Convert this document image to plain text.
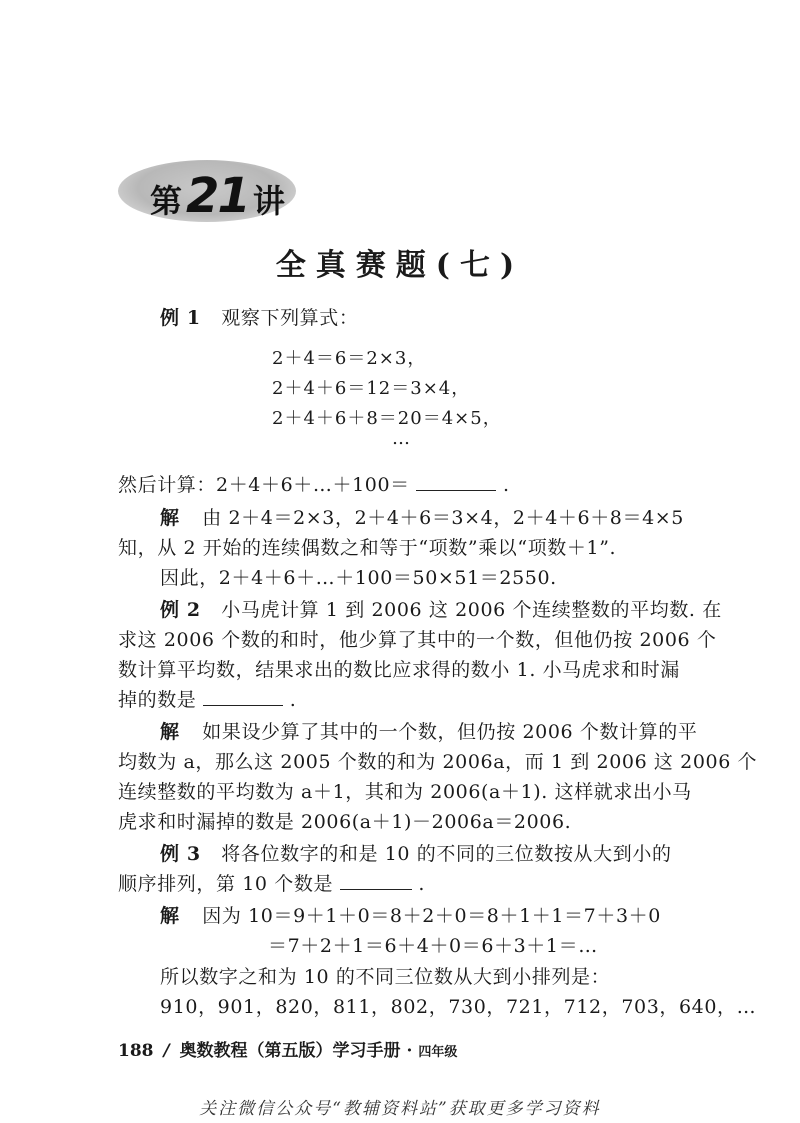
第 21 讲
全真赛题(七)
例 1 观察下列算式：
2＋4＝6＝2×3，
2＋4＋6＝12＝3×4，
2＋4＋6＋8＝20＝4×5，
…
然后计算：2＋4＋6＋…＋100＝	.
解 由 2＋4＝2×3，2＋4＋6＝3×4，2＋4＋6＋8＝4×5
知，从 2 开始的连续偶数之和等于“项数”乘以“项数＋1”.
因此，2＋4＋6＋…＋100＝50×51＝2550.
例 2 小马虎计算 1 到 2006 这 2006 个连续整数的平均数. 在
求这 2006 个数的和时，他少算了其中的一个数，但他仍按 2006 个
数计算平均数，结果求出的数比应求得的数小 1. 小马虎求和时漏
掉的数是	.
解 如果设少算了其中的一个数，但仍按 2006 个数计算的平
均数为 a，那么这 2005 个数的和为 2006a，而 1 到 2006 这 2006 个
连续整数的平均数为 a＋1，其和为 2006(a＋1). 这样就求出小马
虎求和时漏掉的数是 2006(a＋1)－2006a＝2006.
例 3 将各位数字的和是 10 的不同的三位数按从大到小的
顺序排列，第 10 个数是	.
解 因为 10＝9＋1＋0＝8＋2＋0＝8＋1＋1＝7＋3＋0
＝7＋2＋1＝6＋4＋0＝6＋3＋1＝…
所以数字之和为 10 的不同三位数从大到小排列是：
910，901，820，811，802，730，721，712，703，640，…
188 / 奥数教程（第五版）学习手册 · 四年级
关注微信公众号“教辅资料站”获取更多学习资料
